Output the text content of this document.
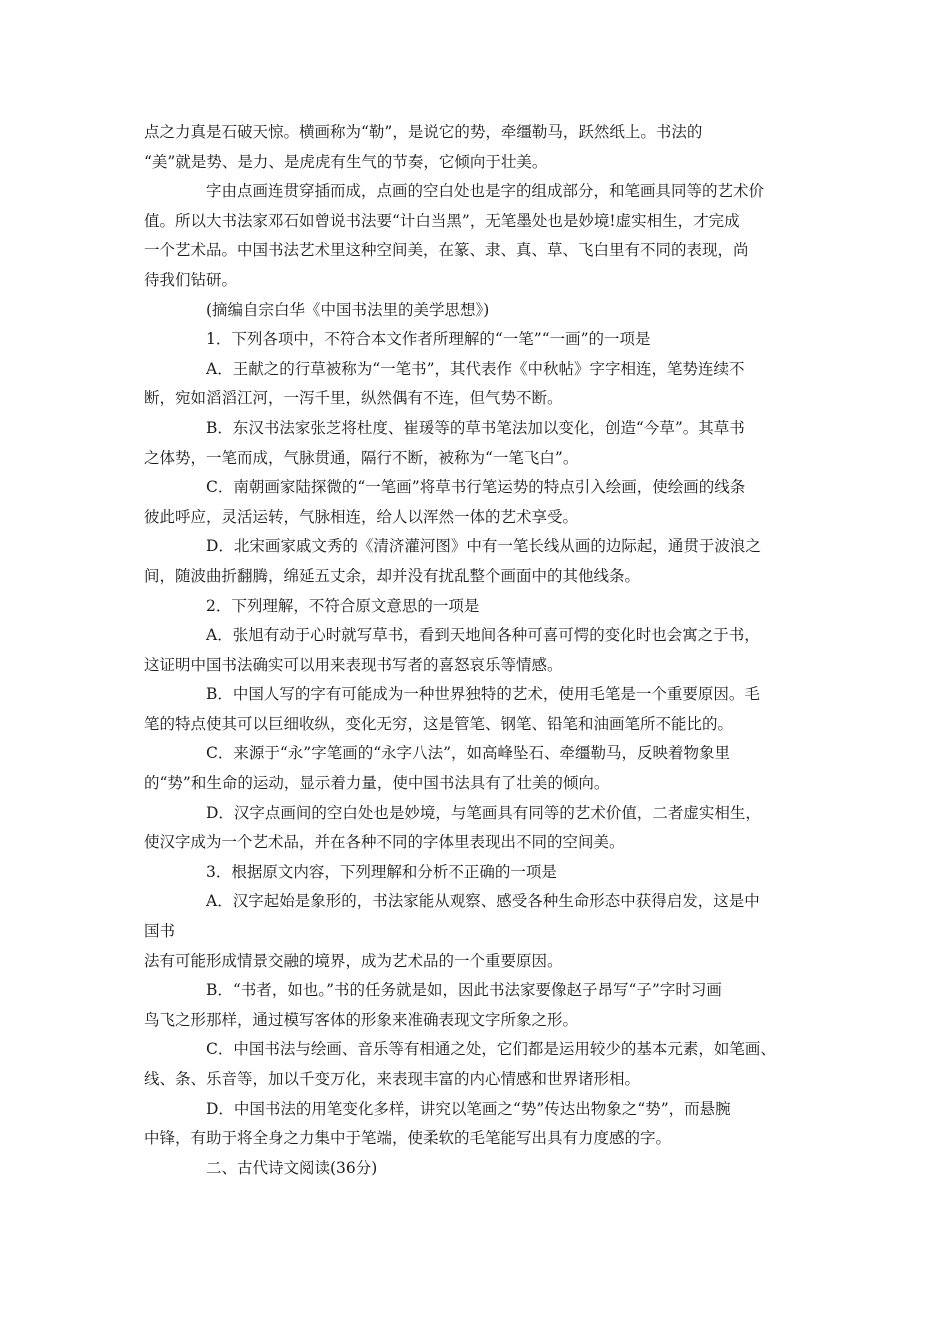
点之力真是石破天惊。横画称为“勒”，是说它的势，牵缰勒马，跃然纸上。书法的
“美”就是势、是力、是虎虎有生气的节奏，它倾向于壮美。
字由点画连贯穿插而成，点画的空白处也是字的组成部分，和笔画具同等的艺术价
值。所以大书法家邓石如曾说书法要“计白当黑”，无笔墨处也是妙境!虚实相生，才完成
一个艺术品。中国书法艺术里这种空间美，在篆、隶、真、草、飞白里有不同的表现，尚
待我们钻研。
(摘编自宗白华《中国书法里的美学思想》)
1．下列各项中，不符合本文作者所理解的“一笔”“一画”的一项是
A．王献之的行草被称为“一笔书”，其代表作《中秋帖》字字相连，笔势连续不
断，宛如滔滔江河，一泻千里，纵然偶有不连，但气势不断。
B．东汉书法家张芝将杜度、崔瑗等的草书笔法加以变化，创造“今草”。其草书
之体势，一笔而成，气脉贯通，隔行不断，被称为“一笔飞白”。
C．南朝画家陆探微的“一笔画”将草书行笔运势的特点引入绘画，使绘画的线条
彼此呼应，灵活运转，气脉相连，给人以浑然一体的艺术享受。
D．北宋画家戚文秀的《清济灌河图》中有一笔长线从画的边际起，通贯于波浪之
间，随波曲折翻腾，绵延五丈余，却并没有扰乱整个画面中的其他线条。
2．下列理解，不符合原文意思的一项是
A．张旭有动于心时就写草书，看到天地间各种可喜可愕的变化时也会寓之于书，
这证明中国书法确实可以用来表现书写者的喜怒哀乐等情感。
B．中国人写的字有可能成为一种世界独特的艺术，使用毛笔是一个重要原因。毛
笔的特点使其可以巨细收纵，变化无穷，这是管笔、钢笔、铅笔和油画笔所不能比的。
C．来源于“永”字笔画的“永字八法”，如高峰坠石、牵缰勒马，反映着物象里
的“势”和生命的运动，显示着力量，使中国书法具有了壮美的倾向。
D．汉字点画间的空白处也是妙境，与笔画具有同等的艺术价值，二者虚实相生，
使汉字成为一个艺术品，并在各种不同的字体里表现出不同的空间美。
3．根据原文内容，下列理解和分析不正确的一项是
A．汉字起始是象形的，书法家能从观察、感受各种生命形态中获得启发，这是中
国书
法有可能形成情景交融的境界，成为艺术品的一个重要原因。
B．“书者，如也。”书的任务就是如，因此书法家要像赵子昂写“子”字时习画
鸟飞之形那样，通过模写客体的形象来准确表现文字所象之形。
C．中国书法与绘画、音乐等有相通之处，它们都是运用较少的基本元素，如笔画、
线、条、乐音等，加以千变万化，来表现丰富的内心情感和世界诸形相。
D．中国书法的用笔变化多样，讲究以笔画之“势”传达出物象之“势”，而悬腕
中锋，有助于将全身之力集中于笔端，使柔软的毛笔能写出具有力度感的字。
二、古代诗文阅读(36分)
